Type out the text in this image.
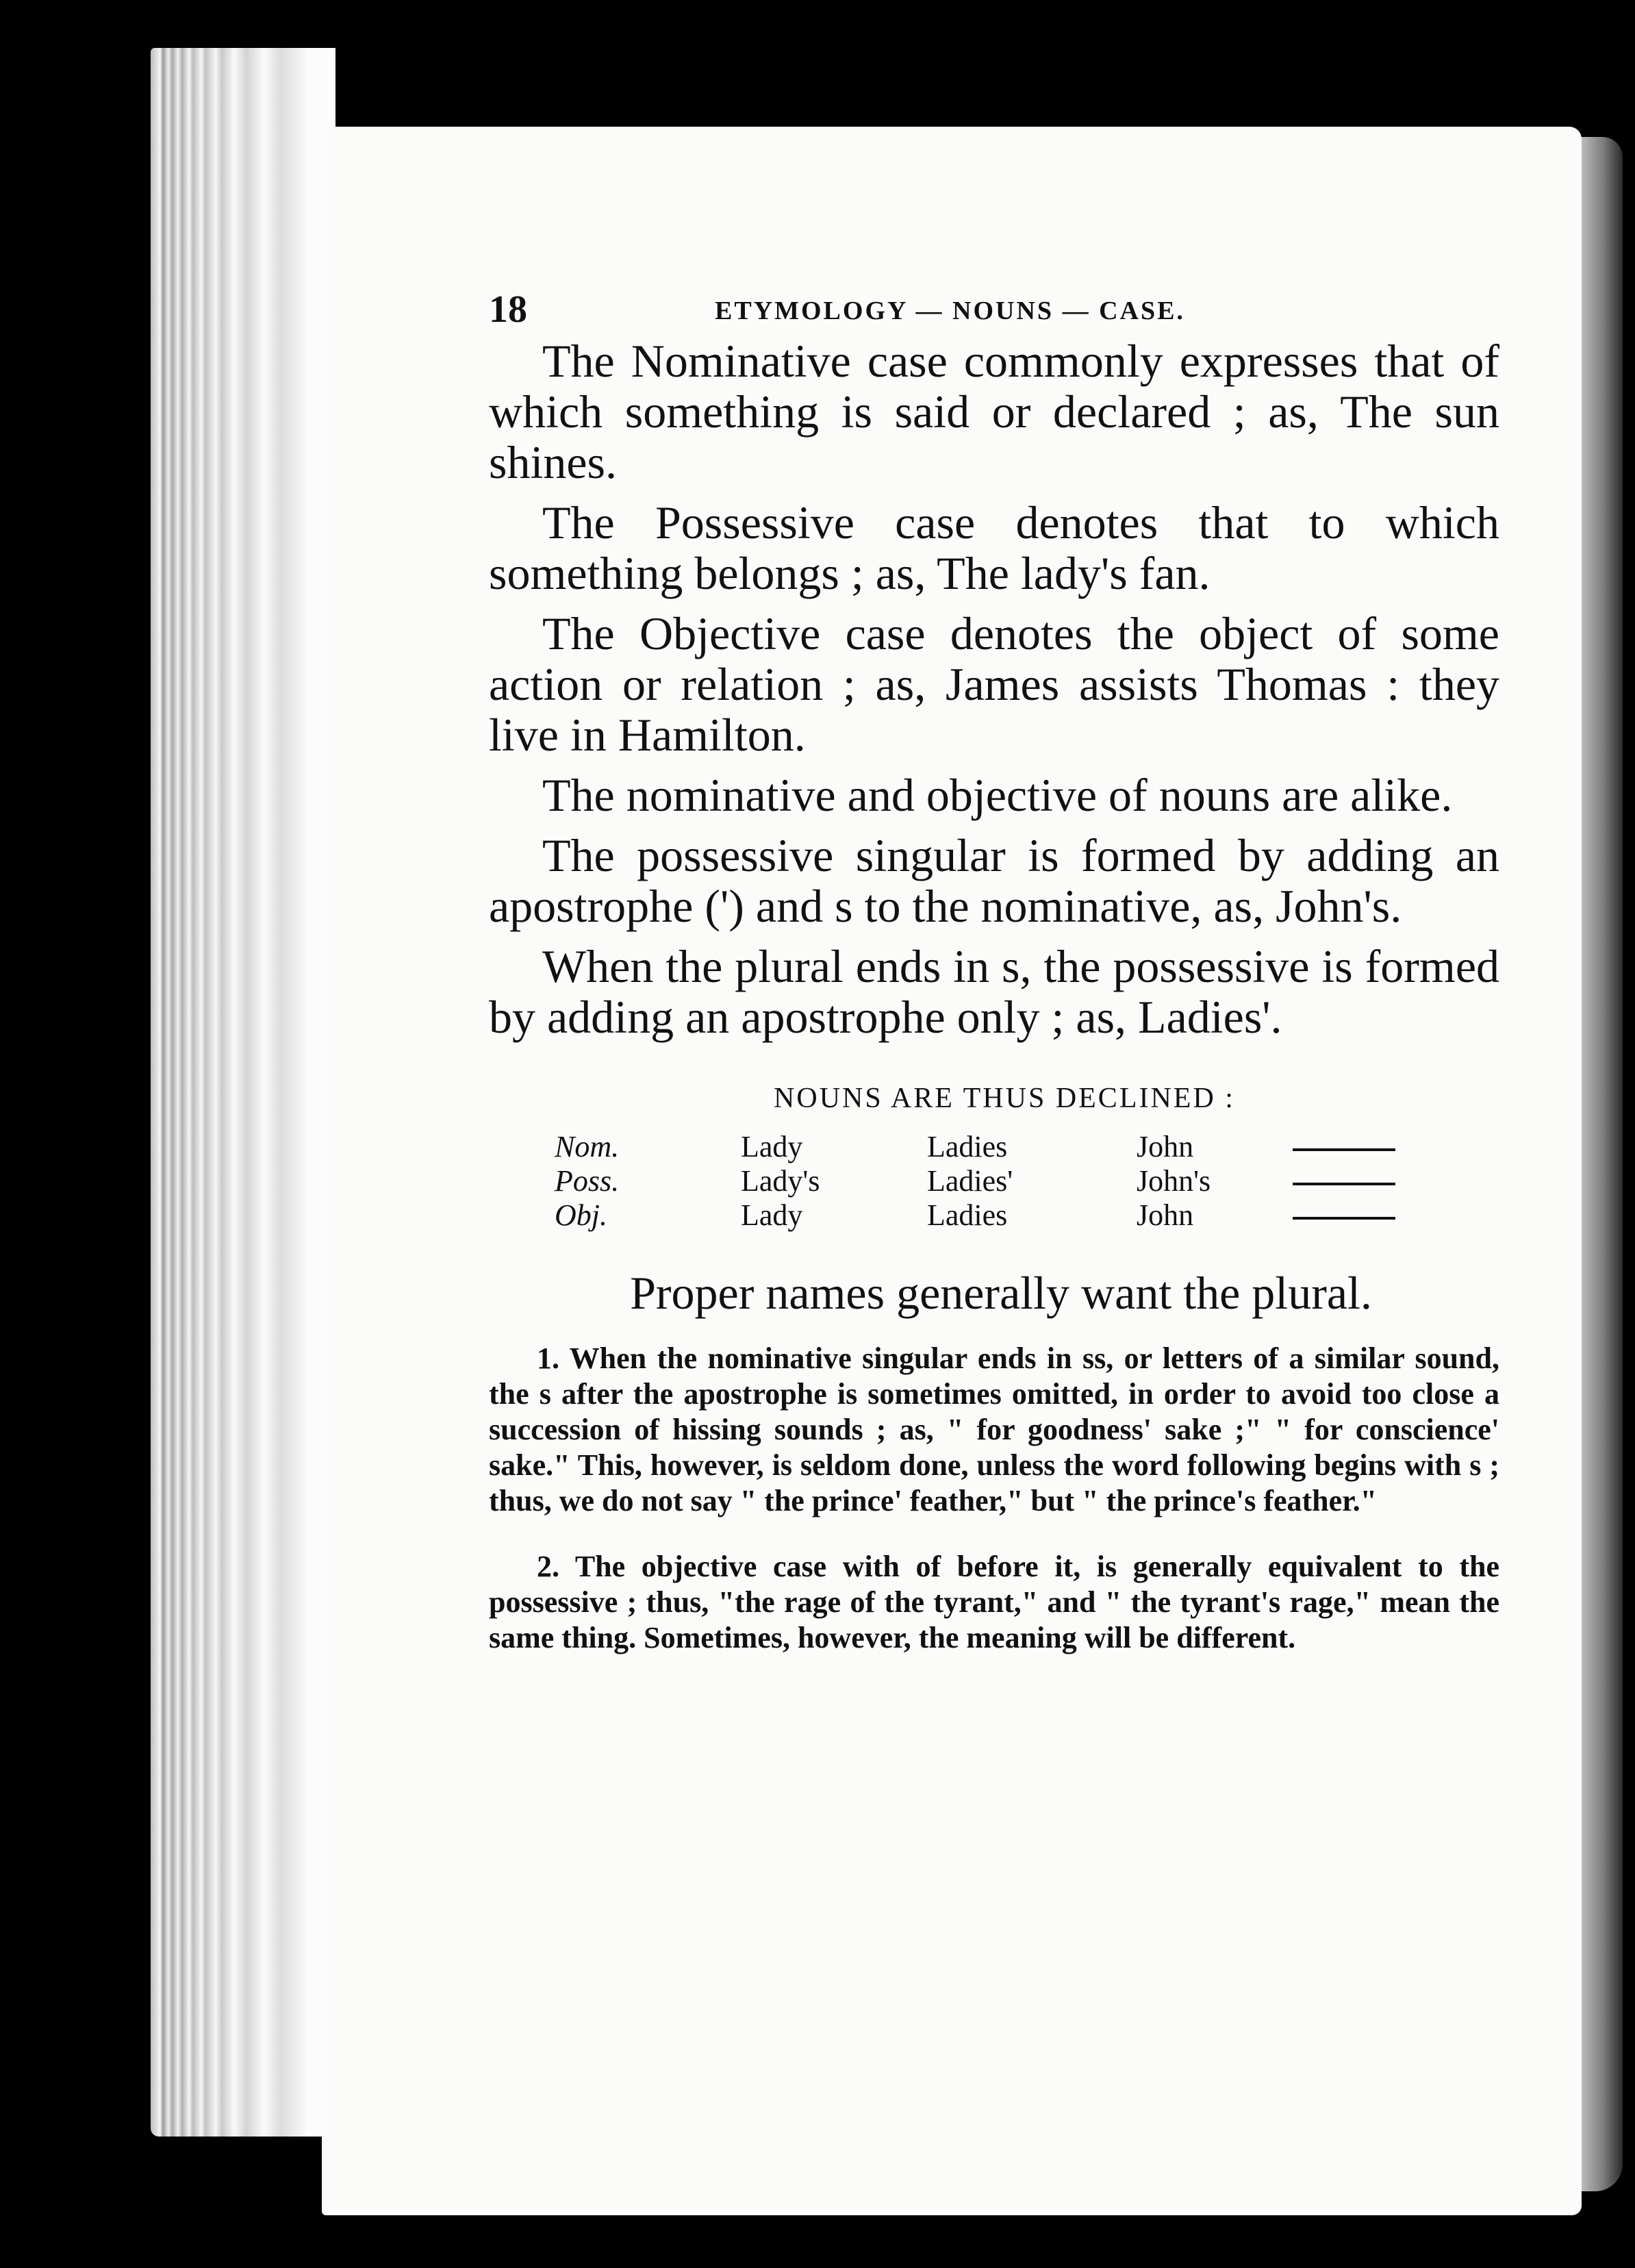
18	ETYMOLOGY — NOUNS — CASE.

The Nominative case commonly expresses that of which something is said or declared ; as, The sun shines.

The Possessive case denotes that to which something belongs ; as, The lady's fan.

The Objective case denotes the object of some action or relation ; as, James assists Thomas : they live in Hamilton.

The nominative and objective of nouns are alike.

The possessive singular is formed by adding an apostrophe (') and s to the nominative, as, John's.

When the plural ends in s, the possessive is formed by adding an apostrophe only ; as, Ladies'.

NOUNS ARE THUS DECLINED :
Nom.	Lady	Ladies	John	
Poss.	Lady's	Ladies'	John's	
Obj.	Lady	Ladies	John	
Proper names generally want the plural.

1. When the nominative singular ends in ss, or letters of a similar sound, the s after the apostrophe is sometimes omitted, in order to avoid too close a succession of hissing sounds ; as, " for goodness' sake ;" " for conscience' sake." This, however, is seldom done, unless the word following begins with s ; thus, we do not say " the prince' feather," but " the prince's feather."

2. The objective case with of before it, is generally equivalent to the possessive ; thus, "the rage of the tyrant," and " the tyrant's rage," mean the same thing. Sometimes, however, the meaning will be different.
